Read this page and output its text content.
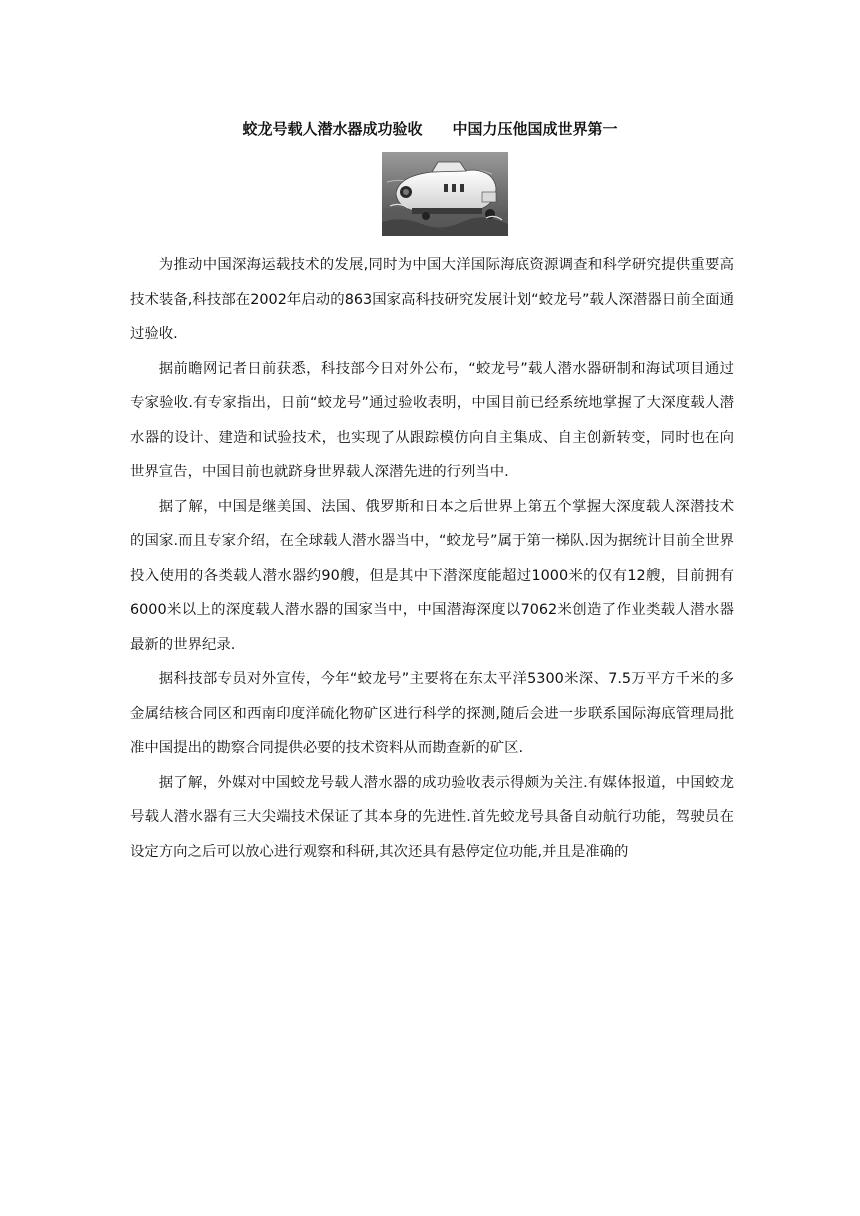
蛟龙号载人潜水器成功验收　　中国力压他国成世界第一

为推动中国深海运载技术的发展,同时为中国大洋国际海底资源调查和科学研究提供重要高技术装备,科技部在2002年启动的863国家高科技研究发展计划“蛟龙号”载人深潜器日前全面通过验收.

据前瞻网记者日前获悉，科技部今日对外公布，“蛟龙号”载人潜水器研制和海试项目通过专家验收.有专家指出，日前“蛟龙号”通过验收表明，中国目前已经系统地掌握了大深度载人潜水器的设计、建造和试验技术，也实现了从跟踪模仿向自主集成、自主创新转变，同时也在向世界宣告，中国目前也就跻身世界载人深潜先进的行列当中.

据了解，中国是继美国、法国、俄罗斯和日本之后世界上第五个掌握大深度载人深潜技术的国家.而且专家介绍，在全球载人潜水器当中，“蛟龙号”属于第一梯队.因为据统计目前全世界投入使用的各类载人潜水器约90艘，但是其中下潜深度能超过1000米的仅有12艘，目前拥有6000米以上的深度载人潜水器的国家当中，中国潜海深度以7062米创造了作业类载人潜水器最新的世界纪录.

据科技部专员对外宣传，今年“蛟龙号”主要将在东太平洋5300米深、7.5万平方千米的多金属结核合同区和西南印度洋硫化物矿区进行科学的探测,随后会进一步联系国际海底管理局批准中国提出的勘察合同提供必要的技术资料从而勘查新的矿区.

据了解，外媒对中国蛟龙号载人潜水器的成功验收表示得颇为关注.有媒体报道，中国蛟龙号载人潜水器有三大尖端技术保证了其本身的先进性.首先蛟龙号具备自动航行功能，驾驶员在设定方向之后可以放心进行观察和科研,其次还具有悬停定位功能,并且是准确的
